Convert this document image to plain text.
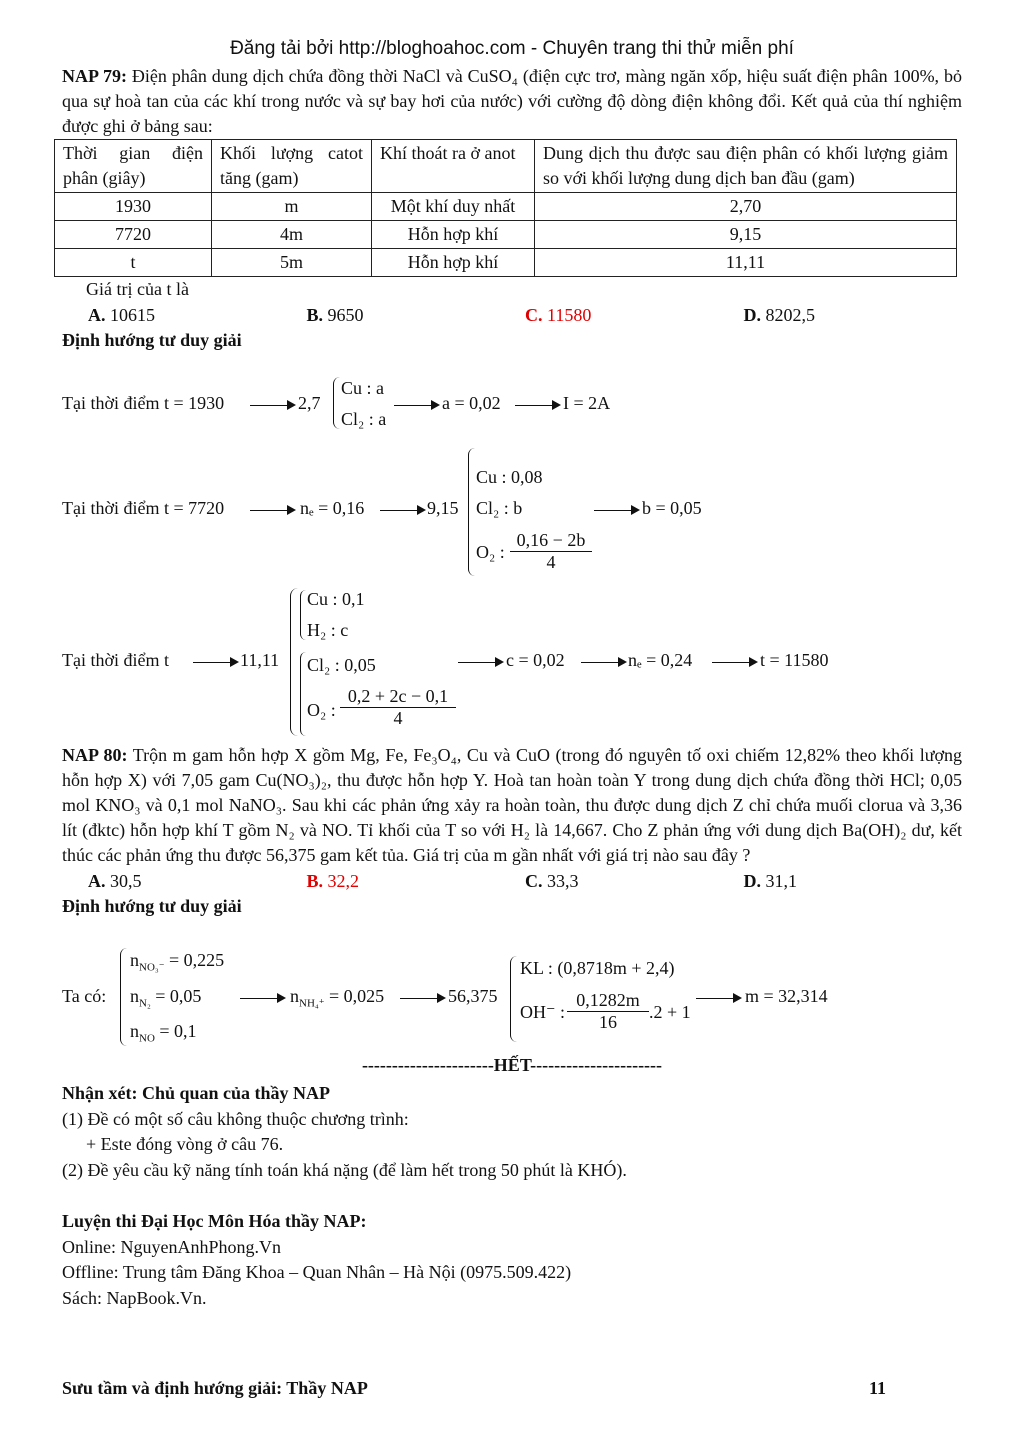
Đăng tải bởi http://bloghoahoc.com - Chuyên trang thi thử miễn phí

NAP 79: Điện phân dung dịch chứa đồng thời NaCl và CuSO₄ (điện cực trơ, màng ngăn xốp, hiệu suất điện phân 100%, bỏ qua sự hoà tan của các khí trong nước và sự bay hơi của nước) với cường độ dòng điện không đổi. Kết quả của thí nghiệm được ghi ở bảng sau:

Thời gian điện phân (giây)	Khối lượng catot tăng (gam)	Khí thoát ra ở anot	Dung dịch thu được sau điện phân có khối lượng giảm so với khối lượng dung dịch ban đầu (gam)
1930	m	Một khí duy nhất	2,70
7720	4m	Hỗn hợp khí	9,15
t	5m	Hỗn hợp khí	11,11
Giá trị của t là
A. 10615	B. 9650	C. 11580	D. 8202,5
Định hướng tư duy giải
Tại thời điểm t = 1930	2,7
Cu : a
Cl₂ : a
a = 0,02	I = 2A
Tại thời điểm t = 7720	nₑ = 0,16	9,15
Cu : 0,08
Cl₂ : b
O₂ :
0,16 − 2b
4
b = 0,05
Tại thời điểm t	11,11
Cu : 0,1
H₂ : c
Cl₂ : 0,05
O₂ :
0,2 + 2c − 0,1
4
c = 0,02	nₑ = 0,24	t = 11580

NAP 80: Trộn m gam hỗn hợp X gồm Mg, Fe, Fe₃O₄, Cu và CuO (trong đó nguyên tố oxi chiếm 12,82% theo khối lượng hỗn hợp X) với 7,05 gam Cu(NO₃)₂, thu được hỗn hợp Y. Hoà tan hoàn toàn Y trong dung dịch chứa đồng thời HCl; 0,05 mol KNO₃ và 0,1 mol NaNO₃. Sau khi các phản ứng xảy ra hoàn toàn, thu được dung dịch Z chỉ chứa muối clorua và 3,36 lít (đktc) hỗn hợp khí T gồm N₂ và NO. Tỉ khối của T so với H₂ là 14,667. Cho Z phản ứng với dung dịch Ba(OH)₂ dư, kết thúc các phản ứng thu được 56,375 gam kết tủa. Giá trị của m gần nhất với giá trị nào sau đây ?

A. 30,5	B. 32,2	C. 33,3	D. 31,1
Định hướng tư duy giải
Ta có:
$n_{NO_3^-} = 0,225$
$n_{N_2} = 0,05$
$n_{NO} = 0,1$
$n_{NH_4^+} = 0,025$	56,375
KL : (0,8718m + 2,4)
OH⁻ :
0,1282m
16	.2 + 1
m = 32,314
----------------------HẾT----------------------
Nhận xét: Chủ quan của thầy NAP
(1) Đề có một số câu không thuộc chương trình:
+ Este đóng vòng ở câu 76.
(2) Đề yêu cầu kỹ năng tính toán khá nặng (để làm hết trong 50 phút là KHÓ).
Luyện thi Đại Học Môn Hóa thầy NAP:
Online: NguyenAnhPhong.Vn
Offline: Trung tâm Đăng Khoa – Quan Nhân – Hà Nội (0975.509.422)
Sách: NapBook.Vn.
Sưu tầm và định hướng giải: Thầy NAP	11
